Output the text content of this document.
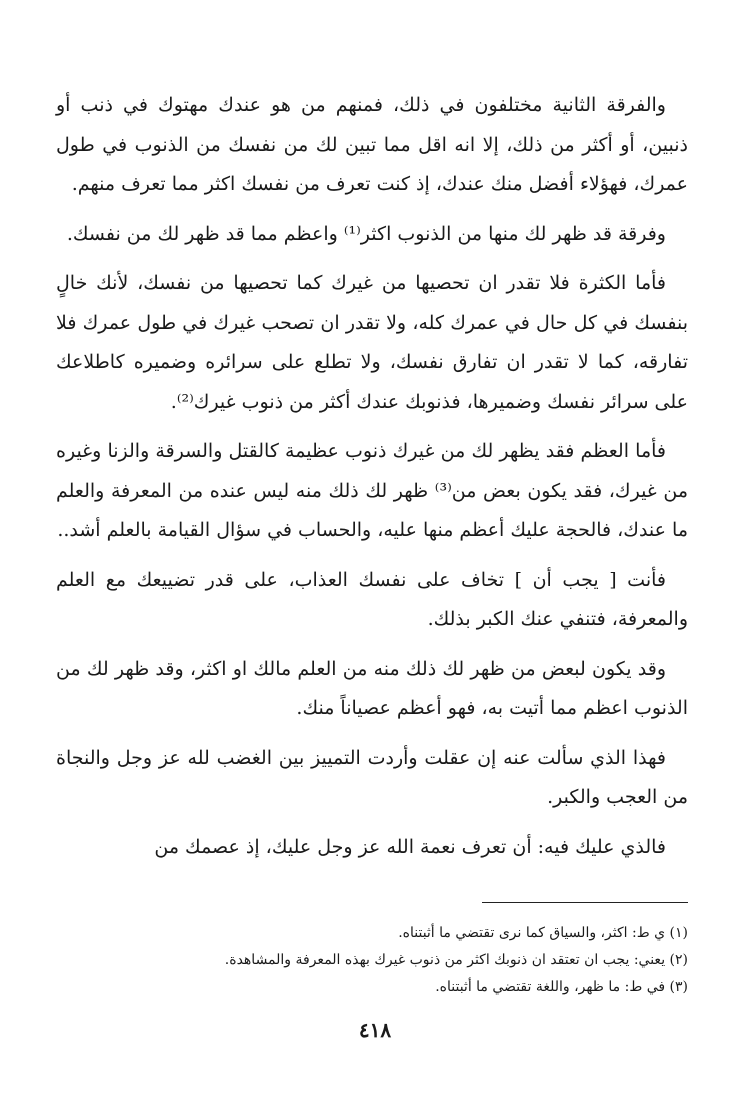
والفرقة الثانية مختلفون في ذلك، فمنهم من هو عندك مهتوك في ذنب أو ذنبين، أو أكثر من ذلك، إلا انه اقل مما تبين لك من نفسك من الذنوب في طول عمرك، فهؤلاء أفضل منك عندك، إذ كنت تعرف من نفسك اكثر مما تعرف منهم.

وفرقة قد ظهر لك منها من الذنوب اكثر⁽¹⁾ واعظم مما قد ظهر لك من نفسك.

فأما الكثرة فلا تقدر ان تحصيها من غيرك كما تحصيها من نفسك، لأنك خالٍ بنفسك في كل حال في عمرك كله، ولا تقدر ان تصحب غيرك في طول عمرك فلا تفارقه، كما لا تقدر ان تفارق نفسك، ولا تطلع على سرائره وضميره كاطلاعك على سرائر نفسك وضميرها، فذنوبك عندك أكثر من ذنوب غيرك⁽²⁾.

فأما العظم فقد يظهر لك من غيرك ذنوب عظيمة كالقتل والسرقة والزنا وغيره من غيرك، فقد يكون بعض من⁽³⁾ ظهر لك ذلك منه ليس عنده من المعرفة والعلم ما عندك، فالحجة عليك أعظم منها عليه، والحساب في سؤال القيامة بالعلم أشد..

فأنت [ يجب أن ] تخاف على نفسك العذاب، على قدر تضييعك مع العلم والمعرفة، فتنفي عنك الكبر بذلك.

وقد يكون لبعض من ظهر لك ذلك منه من العلم مالك او اكثر، وقد ظهر لك من الذنوب اعظم مما أتيت به، فهو أعظم عصياناً منك.

فهذا الذي سألت عنه إن عقلت وأردت التمييز بين الغضب لله عز وجل والنجاة من العجب والكبر.

فالذي عليك فيه: أن تعرف نعمة الله عز وجل عليك، إذ عصمك من

(١) ي ط: اكثر، والسياق كما نرى تقتضي ما أثبتناه.

(٢) يعني: يجب ان تعتقد ان ذنوبك اكثر من ذنوب غيرك بهذه المعرفة والمشاهدة.

(٣) في ط: ما ظهر، واللغة تقتضي ما أثبتناه.

٤١٨
